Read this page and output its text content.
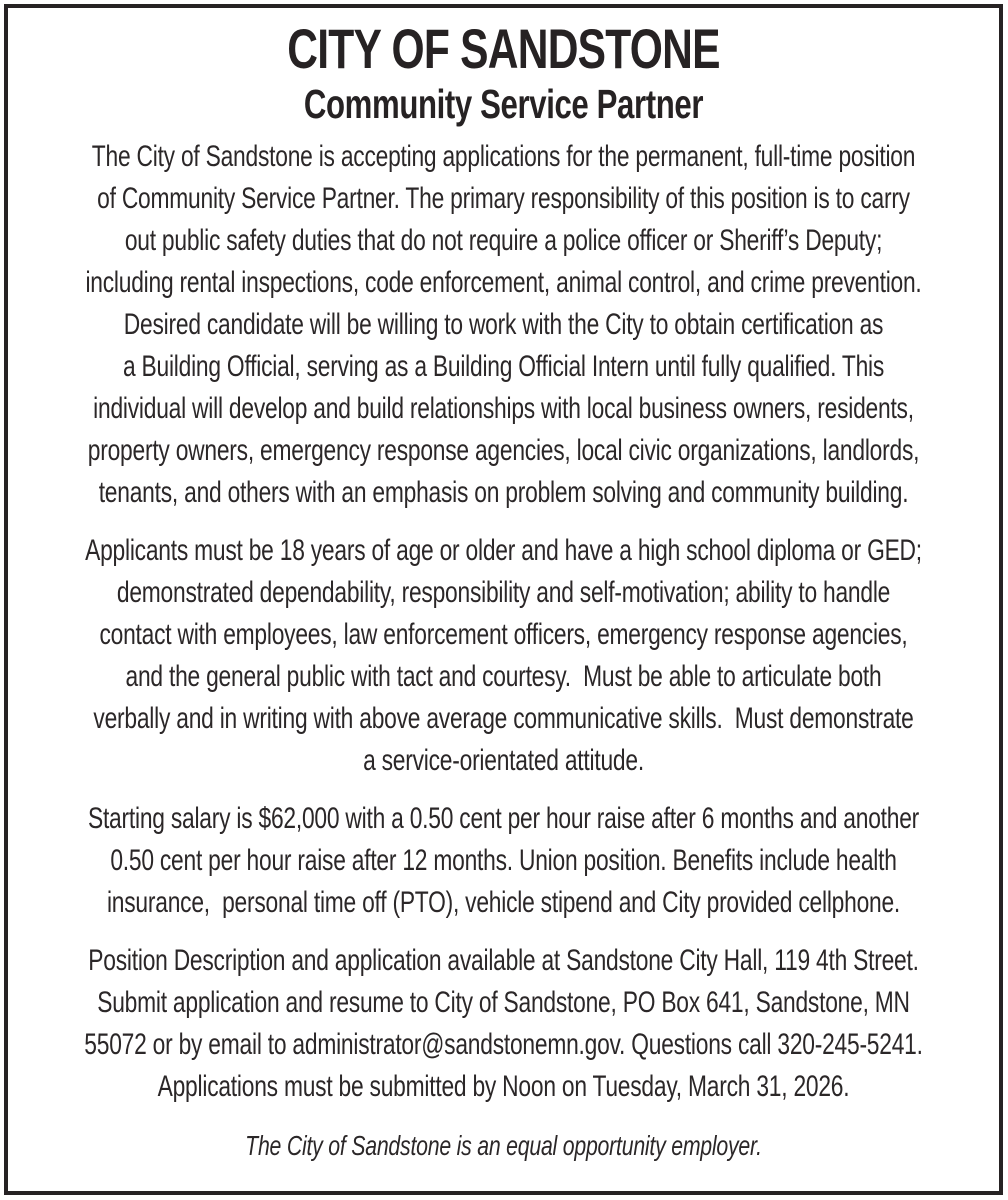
CITY OF SANDSTONE
Community Service Partner
The City of Sandstone is accepting applications for the permanent, full-time position
of Community Service Partner. The primary responsibility of this position is to carry
out public safety duties that do not require a police officer or Sheriff’s Deputy;
including rental inspections, code enforcement, animal control, and crime prevention.
Desired candidate will be willing to work with the City to obtain certification as
a Building Official, serving as a Building Official Intern until fully qualified. This
individual will develop and build relationships with local business owners, residents,
property owners, emergency response agencies, local civic organizations, landlords,
tenants, and others with an emphasis on problem solving and community building.
Applicants must be 18 years of age or older and have a high school diploma or GED;
demonstrated dependability, responsibility and self-motivation; ability to handle
contact with employees, law enforcement officers, emergency response agencies,
and the general public with tact and courtesy.  Must be able to articulate both
verbally and in writing with above average communicative skills.  Must demonstrate
a service-orientated attitude.
Starting salary is $62,000 with a 0.50 cent per hour raise after 6 months and another
0.50 cent per hour raise after 12 months. Union position. Benefits include health
insurance,  personal time off (PTO), vehicle stipend and City provided cellphone.
Position Description and application available at Sandstone City Hall, 119 4th Street.
Submit application and resume to City of Sandstone, PO Box 641, Sandstone, MN
55072 or by email to administrator@sandstonemn.gov. Questions call 320-245-5241.
Applications must be submitted by Noon on Tuesday, March 31, 2026.
The City of Sandstone is an equal opportunity employer.
